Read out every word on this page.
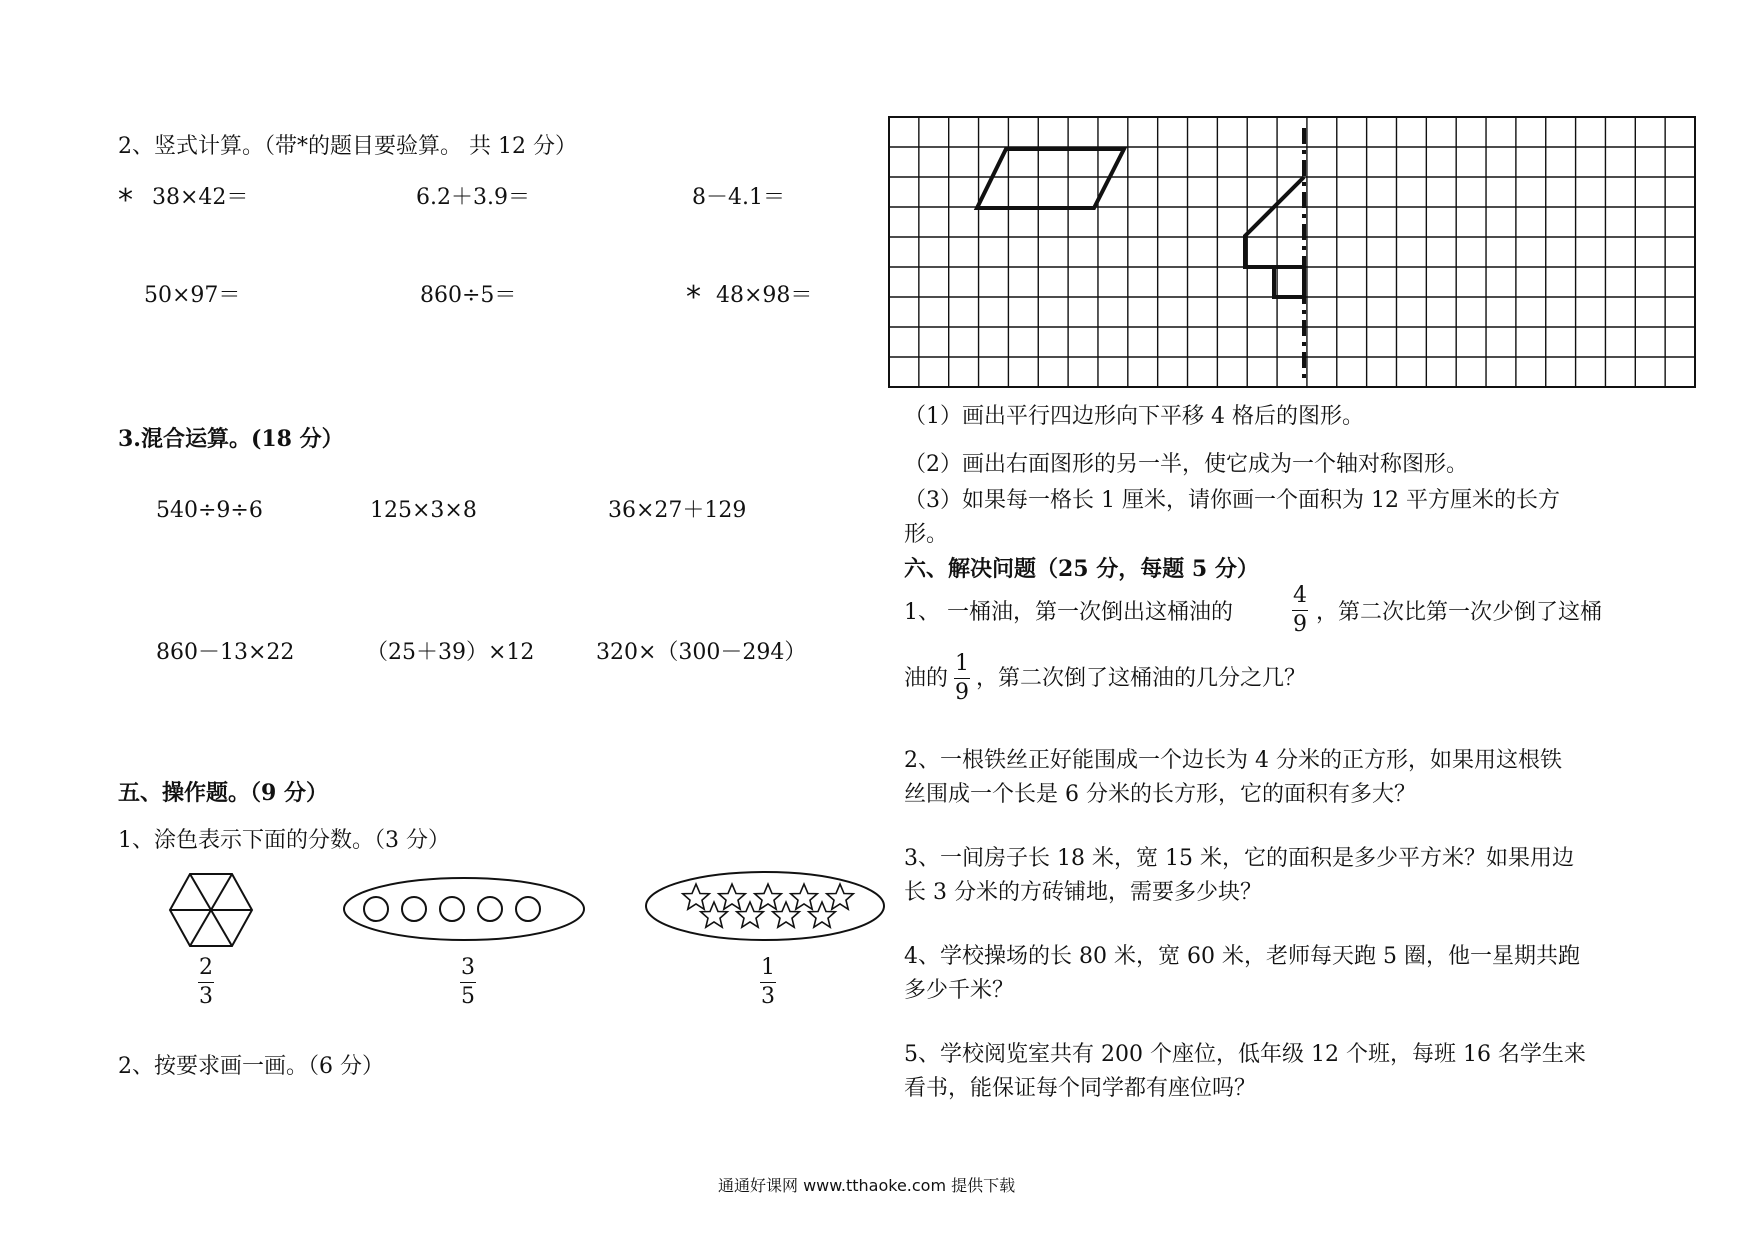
2、竖式计算。（带*的题目要验算。 共 12 分）
* 38×42＝	6.2＋3.9＝	8－4.1＝
50×97＝	860÷5＝	* 48×98＝
3.混合运算。(18 分）
540÷9÷6	125×3×8	36×27＋129
860－13×22	（25＋39）×12	320×（300－294）
五、操作题。（9 分）
1、涂色表示下面的分数。（3 分）
2
3
3
5
1
3
2、按要求画一画。（6 分）
（1）画出平行四边形向下平移 4 格后的图形。
（2）画出右面图形的另一半，使它成为一个轴对称图形。
（3）如果每一格长 1 厘米，请你画一个面积为 12 平方厘米的长方
形。
六、解决问题（25 分，每题 5 分）
1、 一桶油，第一次倒出这桶油的
4
9 ，第二次比第一次少倒了这桶
油的
1
9
，第二次倒了这桶油的几分之几？
2、一根铁丝正好能围成一个边长为 4 分米的正方形，如果用这根铁
丝围成一个长是 6 分米的长方形，它的面积有多大？
3、一间房子长 18 米，宽 15 米，它的面积是多少平方米？如果用边
长 3 分米的方砖铺地，需要多少块？
4、学校操场的长 80 米，宽 60 米，老师每天跑 5 圈，他一星期共跑
多少千米？
5、学校阅览室共有 200 个座位，低年级 12 个班，每班 16 名学生来
看书，能保证每个同学都有座位吗？
通通好课网 www.tthaoke.com 提供下载
